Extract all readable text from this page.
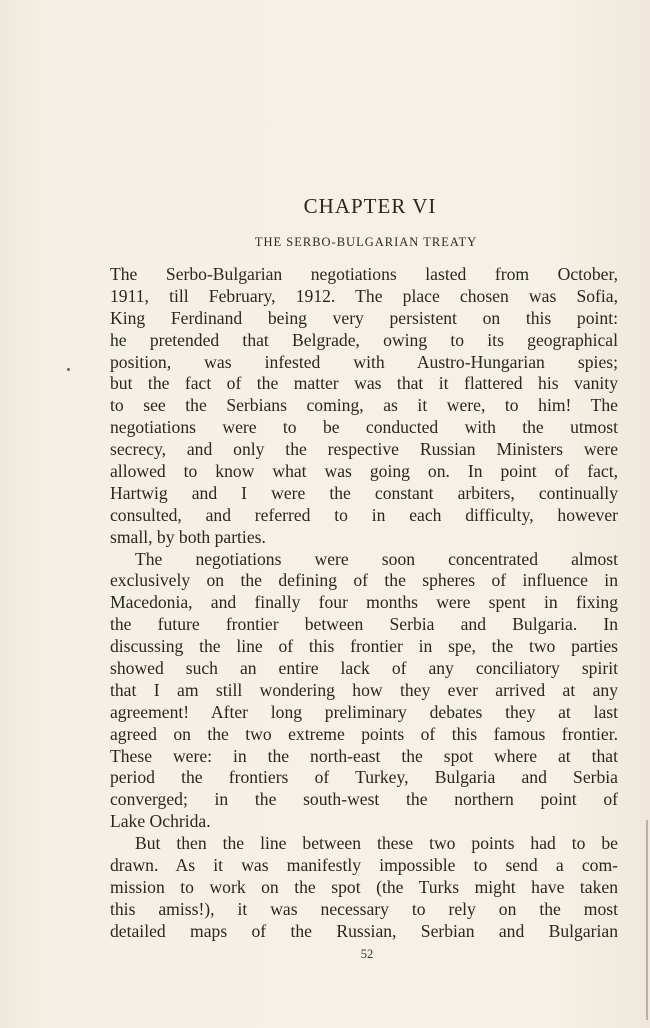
CHAPTER VI
THE SERBO-BULGARIAN TREATY
The Serbo-Bulgarian negotiations lasted from October,
1911, till February, 1912. The place chosen was Sofia,
King Ferdinand being very persistent on this point:
he pretended that Belgrade, owing to its geographical
position, was infested with Austro-Hungarian spies;
but the fact of the matter was that it flattered his vanity
to see the Serbians coming, as it were, to him! The
negotiations were to be conducted with the utmost
secrecy, and only the respective Russian Ministers were
allowed to know what was going on. In point of fact,
Hartwig and I were the constant arbiters, continually
consulted, and referred to in each difficulty, however
small, by both parties.
The negotiations were soon concentrated almost
exclusively on the defining of the spheres of influence in
Macedonia, and finally four months were spent in fixing
the future frontier between Serbia and Bulgaria. In
discussing the line of this frontier in spe, the two parties
showed such an entire lack of any conciliatory spirit
that I am still wondering how they ever arrived at any
agreement! After long preliminary debates they at last
agreed on the two extreme points of this famous frontier.
These were: in the north-east the spot where at that
period the frontiers of Turkey, Bulgaria and Serbia
converged; in the south-west the northern point of
Lake Ochrida.
But then the line between these two points had to be
drawn. As it was manifestly impossible to send a com-
mission to work on the spot (the Turks might have taken
this amiss!), it was necessary to rely on the most
detailed maps of the Russian, Serbian and Bulgarian
52
